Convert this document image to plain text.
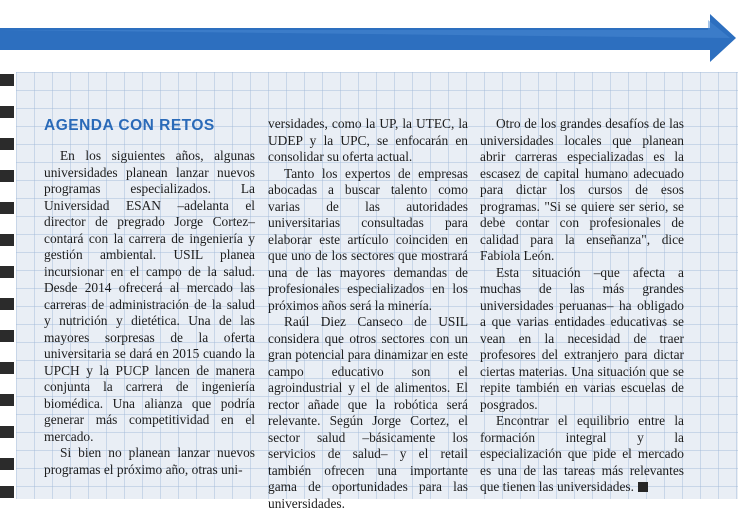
AGENDA CON RETOS

En los siguientes años, algunas universidades planean lanzar nuevos programas especializados. La Universidad ESAN –adelanta el director de pregrado Jorge Cortez– contará con la carrera de ingeniería y gestión ambiental. USIL planea incursionar en el campo de la salud. Desde 2014 ofrecerá al mercado las carreras de administración de la salud y nutrición y dietética. Una de las mayores sorpresas de la oferta universitaria se dará en 2015 cuando la UPCH y la PUCP lancen de manera conjunta la carrera de ingeniería biomédica. Una alianza que podría generar más competitividad en el mercado.

Si bien no planean lanzar nuevos programas el próximo año, otras uni-

versidades, como la UP, la UTEC, la UDEP y la UPC, se enfocarán en consolidar su oferta actual.

Tanto los expertos de empresas abocadas a buscar talento como varias de las autoridades universitarias consultadas para elaborar este artículo coinciden en que uno de los sectores que mostrará una de las mayores demandas de profesionales especializados en los próximos años será la minería.

Raúl Diez Canseco de USIL considera que otros sectores con un gran potencial para dinamizar en este campo educativo son el agroindustrial y el de alimentos. El rector añade que la robótica será relevante. Según Jorge Cortez, el sector salud –básicamente los servicios de salud– y el retail también ofrecen una importante gama de oportunidades para las universidades.

Otro de los grandes desafíos de las universidades locales que planean abrir carreras especializadas es la escasez de capital humano adecuado para dictar los cursos de esos programas. "Si se quiere ser serio, se debe contar con profesionales de calidad para la enseñanza", dice Fabiola León.

Esta situación –que afecta a muchas de las más grandes universidades peruanas– ha obligado a que varias entidades educativas se vean en la necesidad de traer profesores del extranjero para dictar ciertas materias. Una situación que se repite también en varias escuelas de posgrados.

Encontrar el equilibrio entre la formación integral y la especialización que pide el mercado es una de las tareas más relevantes que tienen las universidades.
